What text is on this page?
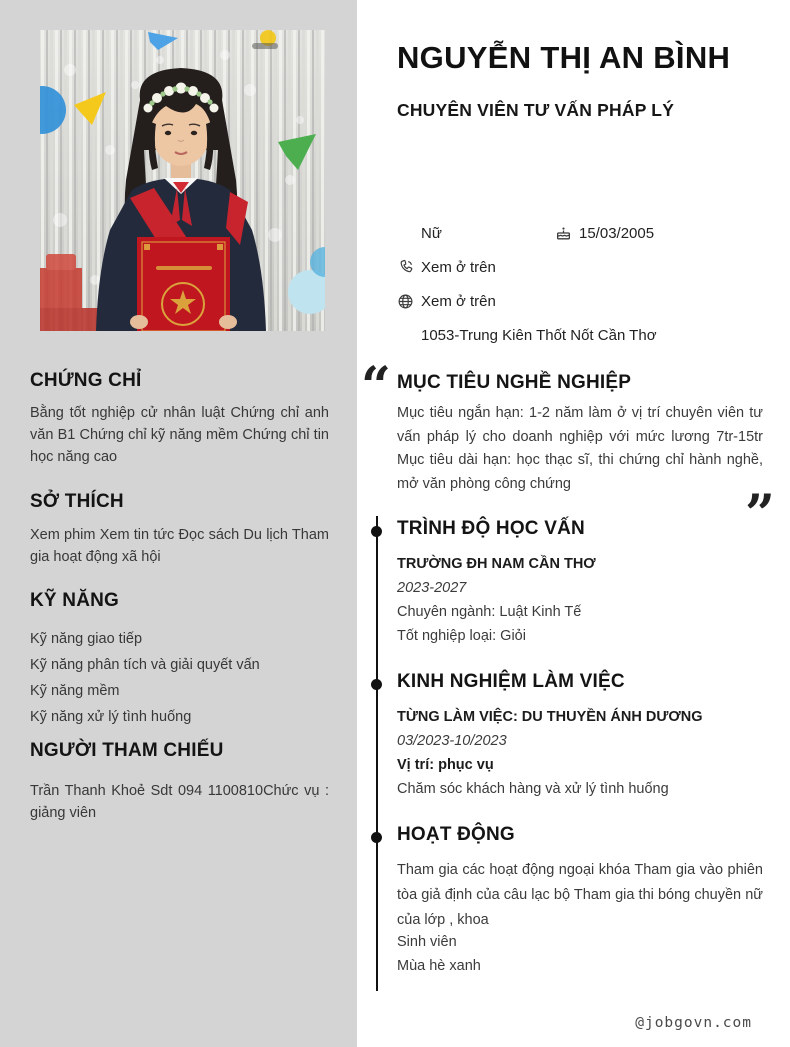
CHỨNG CHỈ
Bằng tốt nghiệp cử nhân luật Chứng chỉ anh văn B1 Chứng chỉ kỹ năng mềm Chứng chỉ tin học năng cao
SỞ THÍCH
Xem phim Xem tin tức Đọc sách Du lịch Tham gia hoạt động xã hội
KỸ NĂNG
Kỹ năng giao tiếp
Kỹ năng phân tích và giải quyết vấn
Kỹ năng mềm
Kỹ năng xử lý tình huống
NGƯỜI THAM CHIẾU
Trần Thanh Khoẻ Sdt 094 1100810Chức vụ : giảng viên
NGUYỄN THỊ AN BÌNH
CHUYÊN VIÊN TƯ VẤN PHÁP LÝ
Nữ	15/03/2005
Xem ở trên
Xem ở trên
1053-Trung Kiên Thốt Nốt Cần Thơ
“ MỤC TIÊU NGHỀ NGHIỆP
Mục tiêu ngắn hạn: 1-2 năm làm ở vị trí chuyên viên tư vấn pháp lý cho doanh nghiệp với mức lương 7tr-15tr Mục tiêu dài hạn: học thạc sĩ, thi chứng chỉ hành nghề, mở văn phòng công chứng
”
TRÌNH ĐỘ HỌC VẤN
TRƯỜNG ĐH NAM CẦN THƠ
2023-2027
Chuyên ngành: Luật Kinh Tế
Tốt nghiệp loại: Giỏi
KINH NGHIỆM LÀM VIỆC
TỪNG LÀM VIỆC: DU THUYỀN ÁNH DƯƠNG
03/2023-10/2023
Vị trí: phục vụ
Chăm sóc khách hàng và xử lý tình huống
HOẠT ĐỘNG
Tham gia các hoạt động ngoại khóa Tham gia vào phiên tòa giả định của câu lạc bộ Tham gia thi bóng chuyền nữ của lớp , khoa
Sinh viên
Mùa hè xanh
@jobgovn.com
